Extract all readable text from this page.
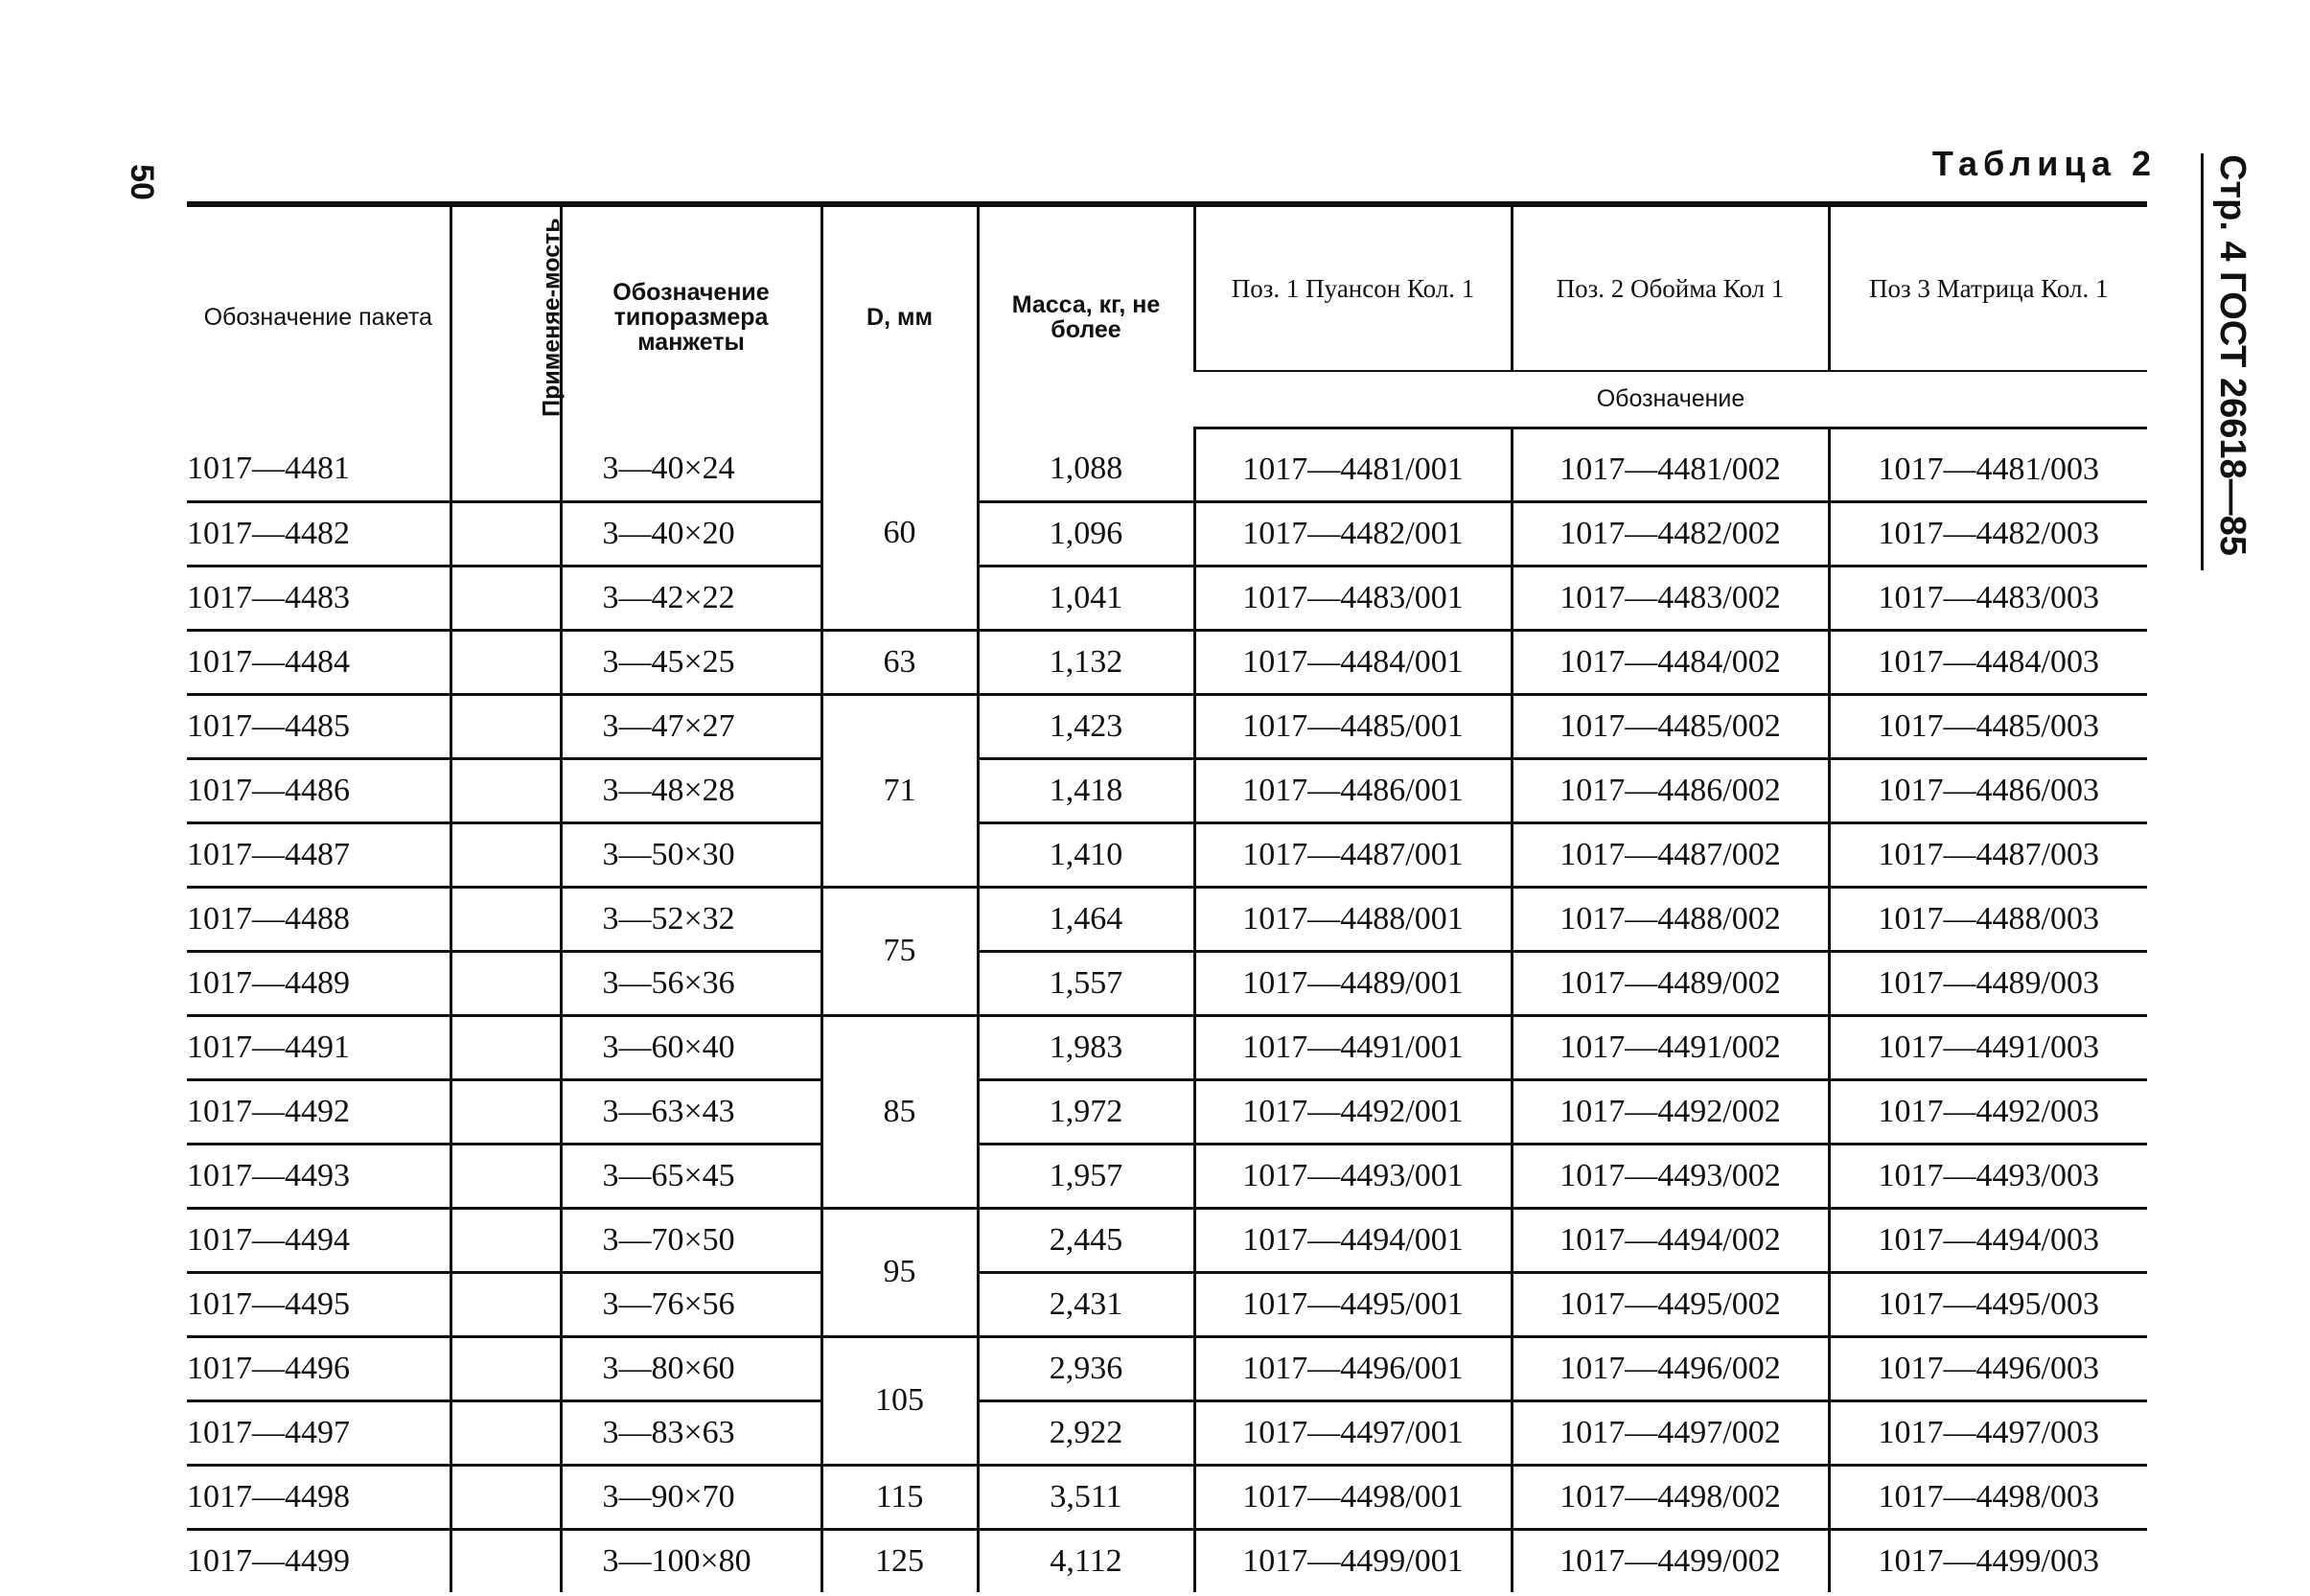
50	Стр. 4 ГОСТ 26618—85
Таблица 2
Обозначение пакета	Применяе-мость	Обозначение типоразмера манжеты	D, мм	Масса, кг, не более	Поз. 1 Пуансон Кол. 1	Поз. 2 Обойма Кол 1	Поз 3 Матрица Кол. 1
					Обозначение		
1017—4481		3—40×24	60	1,088	1017—4481/001	1017—4481/002	1017—4481/003
1017—4482		3—40×20		1,096	1017—4482/001	1017—4482/002	1017—4482/003
1017—4483		3—42×22		1,041	1017—4483/001	1017—4483/002	1017—4483/003
1017—4484		3—45×25	63	1,132	1017—4484/001	1017—4484/002	1017—4484/003
1017—4485		3—47×27	71	1,423	1017—4485/001	1017—4485/002	1017—4485/003
1017—4486		3—48×28		1,418	1017—4486/001	1017—4486/002	1017—4486/003
1017—4487		3—50×30		1,410	1017—4487/001	1017—4487/002	1017—4487/003
1017—4488		3—52×32	75	1,464	1017—4488/001	1017—4488/002	1017—4488/003
1017—4489		3—56×36		1,557	1017—4489/001	1017—4489/002	1017—4489/003
1017—4491		3—60×40	85	1,983	1017—4491/001	1017—4491/002	1017—4491/003
1017—4492		3—63×43		1,972	1017—4492/001	1017—4492/002	1017—4492/003
1017—4493		3—65×45		1,957	1017—4493/001	1017—4493/002	1017—4493/003
1017—4494		3—70×50	95	2,445	1017—4494/001	1017—4494/002	1017—4494/003
1017—4495		3—76×56		2,431	1017—4495/001	1017—4495/002	1017—4495/003
1017—4496		3—80×60	105	2,936	1017—4496/001	1017—4496/002	1017—4496/003
1017—4497		3—83×63		2,922	1017—4497/001	1017—4497/002	1017—4497/003
1017—4498		3—90×70	115	3,511	1017—4498/001	1017—4498/002	1017—4498/003
1017—4499		3—100×80	125	4,112	1017—4499/001	1017—4499/002	1017—4499/003
